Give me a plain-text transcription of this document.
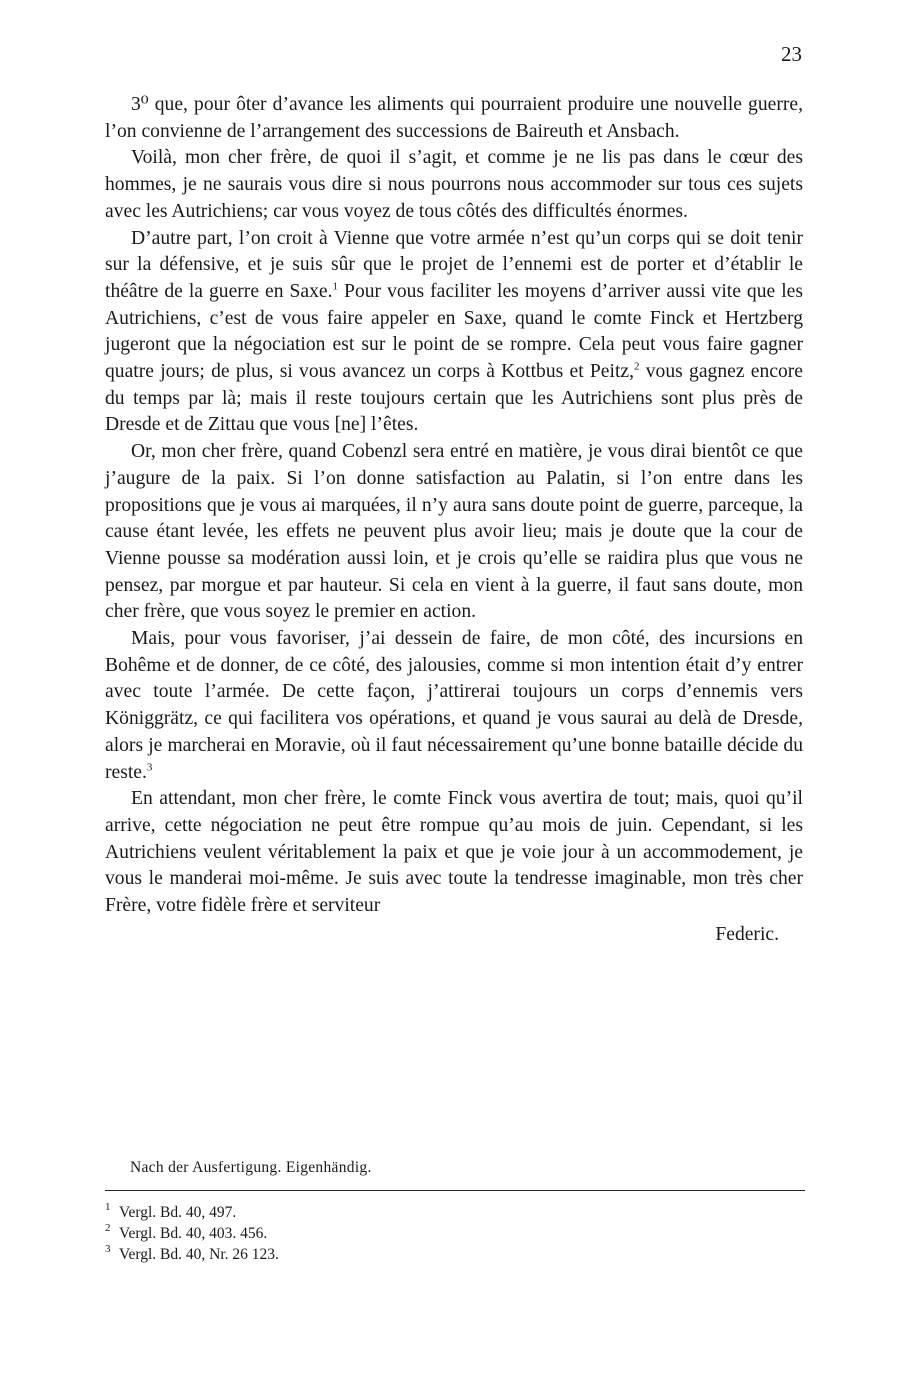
23

3⁰ que, pour ôter d’avance les aliments qui pourraient produire une nouvelle guerre, l’on convienne de l’arrangement des successions de Baireuth et Ansbach.

Voilà, mon cher frère, de quoi il s’agit, et comme je ne lis pas dans le cœur des hommes, je ne saurais vous dire si nous pourrons nous accommoder sur tous ces sujets avec les Autrichiens; car vous voyez de tous côtés des difficultés énormes.

D’autre part, l’on croit à Vienne que votre armée n’est qu’un corps qui se doit tenir sur la défensive, et je suis sûr que le projet de l’ennemi est de porter et d’établir le théâtre de la guerre en Saxe.$^1$ Pour vous faciliter les moyens d’arriver aussi vite que les Autrichiens, c’est de vous faire appeler en Saxe, quand le comte Finck et Hertzberg jugeront que la négociation est sur le point de se rompre. Cela peut vous faire gagner quatre jours; de plus, si vous avancez un corps à Kottbus et Peitz,$^2$ vous gagnez encore du temps par là; mais il reste toujours certain que les Autrichiens sont plus près de Dresde et de Zittau que vous [ne] l’êtes.

Or, mon cher frère, quand Cobenzl sera entré en matière, je vous dirai bientôt ce que j’augure de la paix. Si l’on donne satisfaction au Palatin, si l’on entre dans les propositions que je vous ai marquées, il n’y aura sans doute point de guerre, parceque, la cause étant levée, les effets ne peuvent plus avoir lieu; mais je doute que la cour de Vienne pousse sa modération aussi loin, et je crois qu’elle se raidira plus que vous ne pensez, par morgue et par hauteur. Si cela en vient à la guerre, il faut sans doute, mon cher frère, que vous soyez le premier en action.

Mais, pour vous favoriser, j’ai dessein de faire, de mon côté, des incursions en Bohême et de donner, de ce côté, des jalousies, comme si mon intention était d’y entrer avec toute l’armée. De cette façon, j’attirerai toujours un corps d’ennemis vers Königgrätz, ce qui facilitera vos opérations, et quand je vous saurai au delà de Dresde, alors je marcherai en Moravie, où il faut nécessairement qu’une bonne bataille décide du reste.$^3$

En attendant, mon cher frère, le comte Finck vous avertira de tout; mais, quoi qu’il arrive, cette négociation ne peut être rompue qu’au mois de juin. Cependant, si les Autrichiens veulent véritablement la paix et que je voie jour à un accommodement, je vous le manderai moi-même. Je suis avec toute la tendresse imaginable, mon très cher Frère, votre fidèle frère et serviteur

Federic.
Nach der Ausfertigung. Eigenhändig.
1 Vergl. Bd. 40, 497.
2 Vergl. Bd. 40, 403. 456.
3 Vergl. Bd. 40, Nr. 26 123.
